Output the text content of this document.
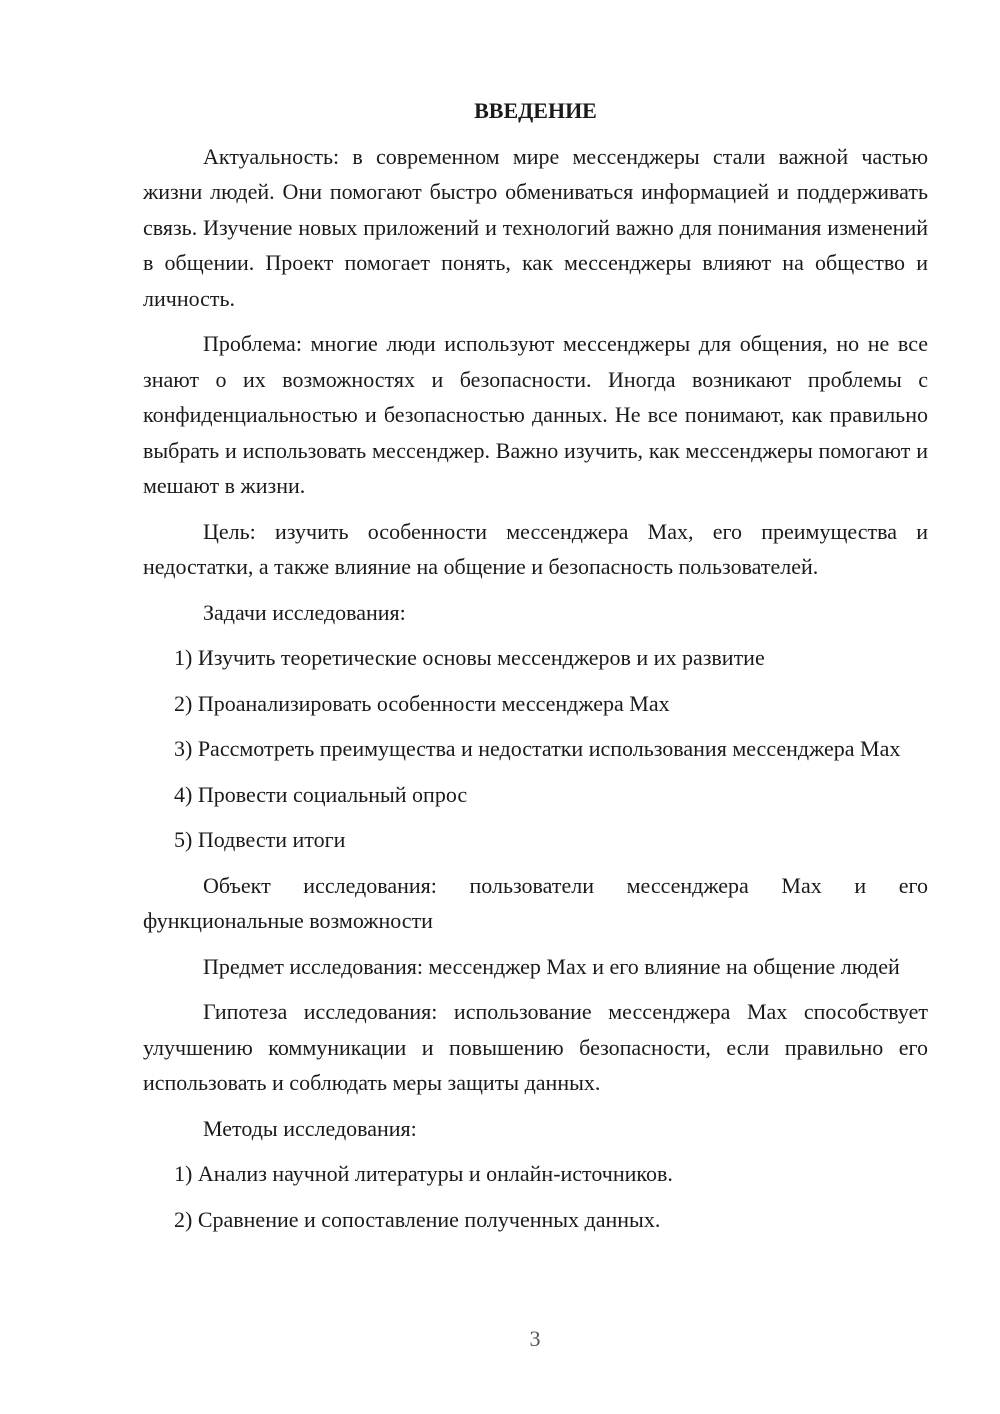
ВВЕДЕНИЕ

Актуальность: в современном мире мессенджеры стали важной частью жизни людей. Они помогают быстро обмениваться информацией и поддерживать связь. Изучение новых приложений и технологий важно для понимания изменений в общении. Проект помогает понять, как мессенджеры влияют на общество и личность.

Проблема: многие люди используют мессенджеры для общения, но не все знают о их возможностях и безопасности. Иногда возникают проблемы с конфиденциальностью и безопасностью данных. Не все понимают, как правильно выбрать и использовать мессенджер. Важно изучить, как мессенджеры помогают и мешают в жизни.

Цель: изучить особенности мессенджера Max, его преимущества и недостатки, а также влияние на общение и безопасность пользователей.

Задачи исследования:

1) Изучить теоретические основы мессенджеров и их развитие

2) Проанализировать особенности мессенджера Max

3) Рассмотреть преимущества и недостатки использования мессенджера Max

4) Провести социальный опрос

5) Подвести итоги

Объект исследования: пользователи мессенджера Max и его
функциональные возможности

Предмет исследования: мессенджер Max и его влияние на общение людей

Гипотеза исследования: использование мессенджера Max способствует улучшению коммуникации и повышению безопасности, если правильно его использовать и соблюдать меры защиты данных.

Методы исследования:

1) Анализ научной литературы и онлайн-источников.

2) Сравнение и сопоставление полученных данных.

3
